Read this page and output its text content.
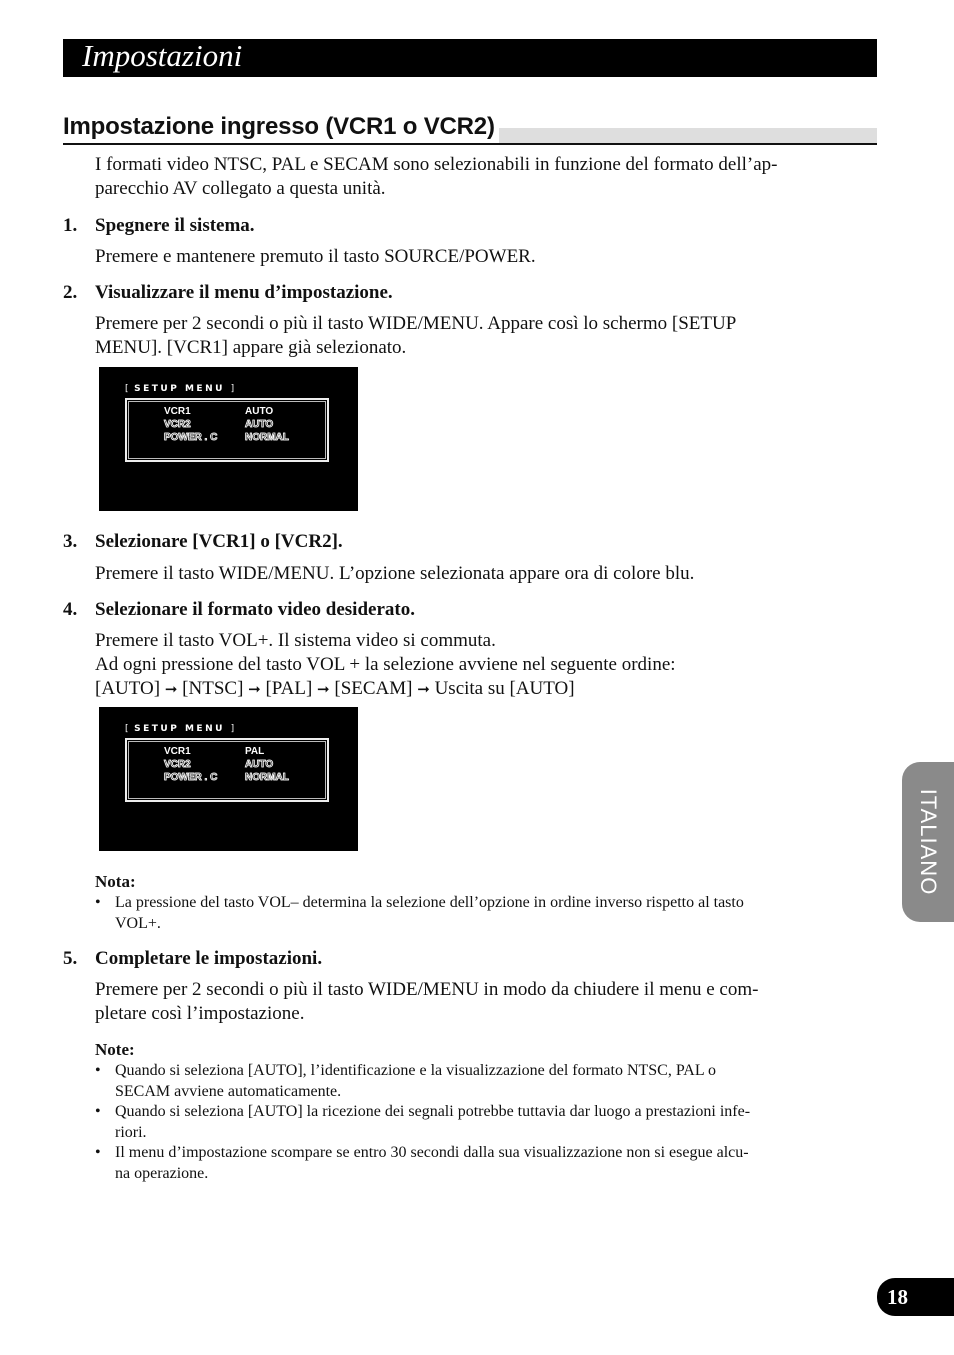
Impostazioni
Impostazione ingresso (VCR1 o VCR2)
I formati video NTSC, PAL e SECAM sono selezionabili in funzione del formato dell’ap-
parecchio AV collegato a questa unità.
1. Spegnere il sistema.
Premere e mantenere premuto il tasto SOURCE/POWER.
2. Visualizzare il menu d’impostazione.
Premere per 2 secondi o più il tasto WIDE/MENU. Appare così lo schermo [SETUP
MENU]. [VCR1] appare già selezionato.
[ SETUP MENU ]
VCR1	AUTO
VCR2	AUTO
POWER . C	NORMAL
3. Selezionare [VCR1] o [VCR2].
Premere il tasto WIDE/MENU. L’opzione selezionata appare ora di colore blu.
4. Selezionare il formato video desiderato.
Premere il tasto VOL+. Il sistema video si commuta.
Ad ogni pressione del tasto VOL + la selezione avviene nel seguente ordine:
[AUTO] ➞ [NTSC] ➞ [PAL] ➞ [SECAM] ➞ Uscita su [AUTO]
[ SETUP MENU ]
VCR1	PAL
VCR2	AUTO
POWER . C	NORMAL
Nota:
• La pressione del tasto VOL– determina la selezione dell’opzione in ordine inverso rispetto al tasto
VOL+.
5. Completare le impostazioni.
Premere per 2 secondi o più il tasto WIDE/MENU in modo da chiudere il menu e com-
pletare così l’impostazione.
Note:
• Quando si seleziona [AUTO], l’identificazione e la visualizzazione del formato NTSC, PAL o
SECAM avviene automaticamente.
• Quando si seleziona [AUTO] la ricezione dei segnali potrebbe tuttavia dar luogo a prestazioni infe-
riori.
• Il menu d’impostazione scompare se entro 30 secondi dalla sua visualizzazione non si esegue alcu-
na operazione.
ITALIANO
18
